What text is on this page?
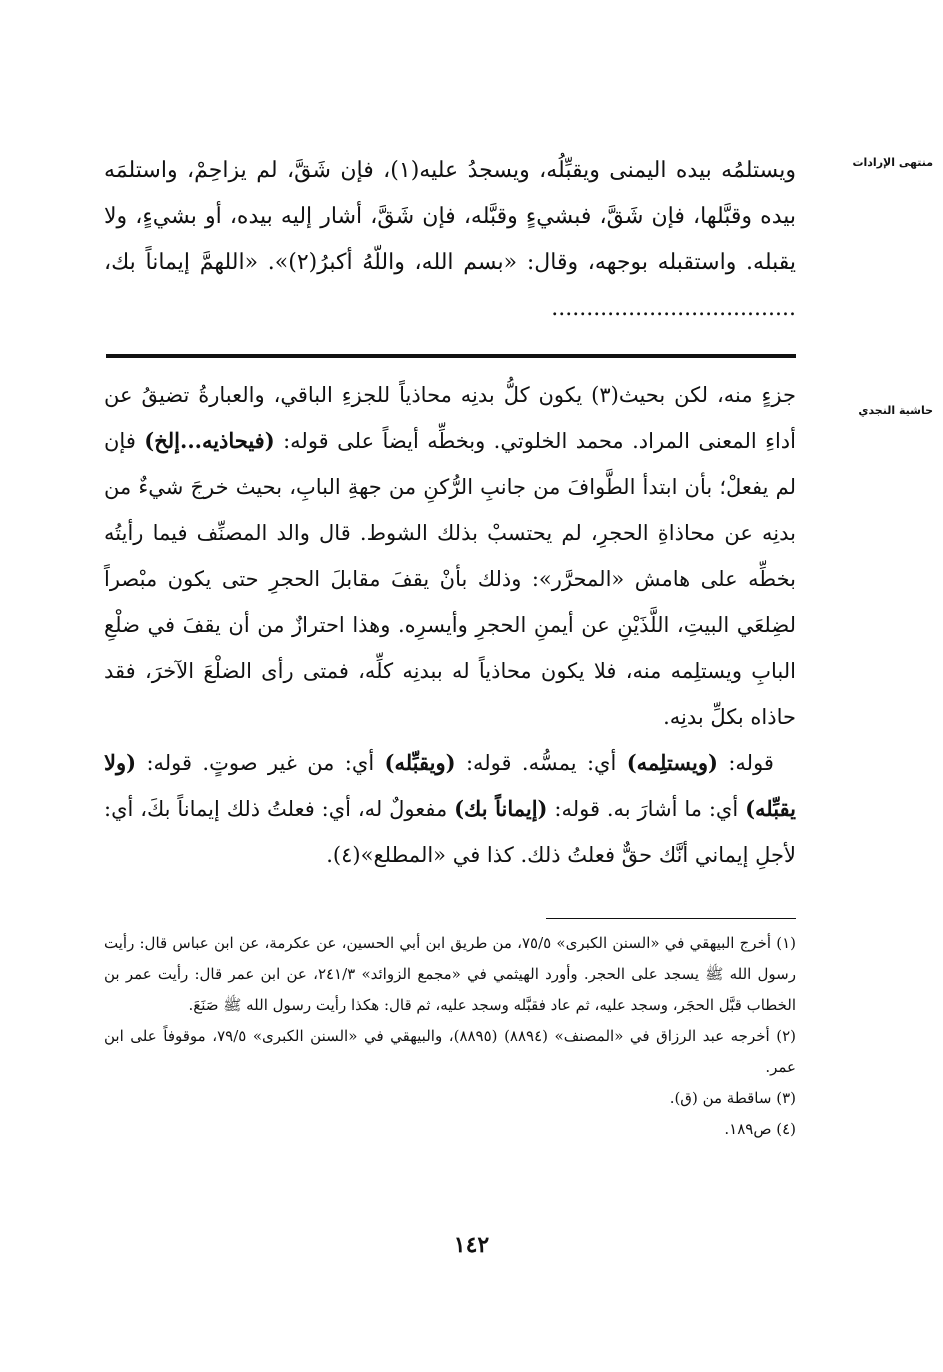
منتهى الإرادات
حاشية النجدي
ويستلمُه بيده اليمنى ويقبِّلُه، ويسجدُ عليه(١)، فإن شَقَّ، لم يزاحِمْ، واستلمَه بيده وقبَّلها، فإن شَقَّ، فبشيءٍ وقبَّله، فإن شَقَّ، أشار إليه بيده، أو بشيءٍ، ولا يقبله. واستقبله بوجهه، وقال: «بسم الله، واللّهُ أكبرُ(٢)». «اللهمَّ إيماناً بك، ...................................

جزءٍ منه، لكن بحيث(٣) يكون كلُّ بدنِه محاذياً للجزءِ الباقي، والعبارةُ تضيقُ عن أداءِ المعنى المراد. محمد الخلوتي. وبخطِّه أيضاً على قوله: (فيحاذيه...إلخ) فإن لم يفعلْ؛ بأن ابتدأ الطَّوافَ من جانبِ الرُّكنِ من جهةِ البابِ، بحيث خرجَ شيءٌ من بدنِه عن محاذاةِ الحجرِ، لم يحتسبْ بذلك الشوط. قال والد المصنِّف فيما رأيتُه بخطِّه على هامش «المحرَّر»: وذلك بأنْ يقفَ مقابلَ الحجرِ حتى يكون مبْصراً لضِلعَي البيتِ، اللَّذَيْنِ عن أيمنِ الحجرِ وأيسرِه. وهذا احترازٌ من أن يقفَ في ضلْعِ البابِ ويستلِمه منه، فلا يكون محاذياً له ببدنِه كلِّه، فمتى رأى الضلْعَ الآخرَ، فقد حاذاه بكلِّ بدنِه.

قوله: (ويستلِمه) أي: يمسُّه. قوله: (ويقبِّله) أي: من غير صوتٍ. قوله: (ولا يقبِّله) أي: ما أشارَ به. قوله: (إيماناً بك) مفعولٌ له، أي: فعلتُ ذلك إيماناً بكَ، أي: لأجلِ إيماني أنَّك حقٌّ فعلتُ ذلك. كذا في «المطلع»(٤).

(١) أخرج البيهقي في «السنن الكبرى» ٧٥/٥، من طريق ابن أبي الحسين، عن عكرمة، عن ابن عباس قال: رأيت رسول الله ﷺ يسجد على الحجر. وأورد الهيثمي في «مجمع الزوائد» ٢٤١/٣، عن ابن عمر قال: رأيت عمر بن الخطاب قبَّل الحجَر، وسجد عليه، ثم عاد فقبَّله وسجد عليه، ثم قال: هكذا رأيت رسول الله ﷺ صَنَعَ.

(٢) أخرجه عبد الرزاق في «المصنف» (٨٨٩٤) (٨٨٩٥)، والبيهقي في «السنن الكبرى» ٧٩/٥، موقوفاً على ابن عمر.

(٣) ساقطة من (ق).

(٤) ص١٨٩.

١٤٢
